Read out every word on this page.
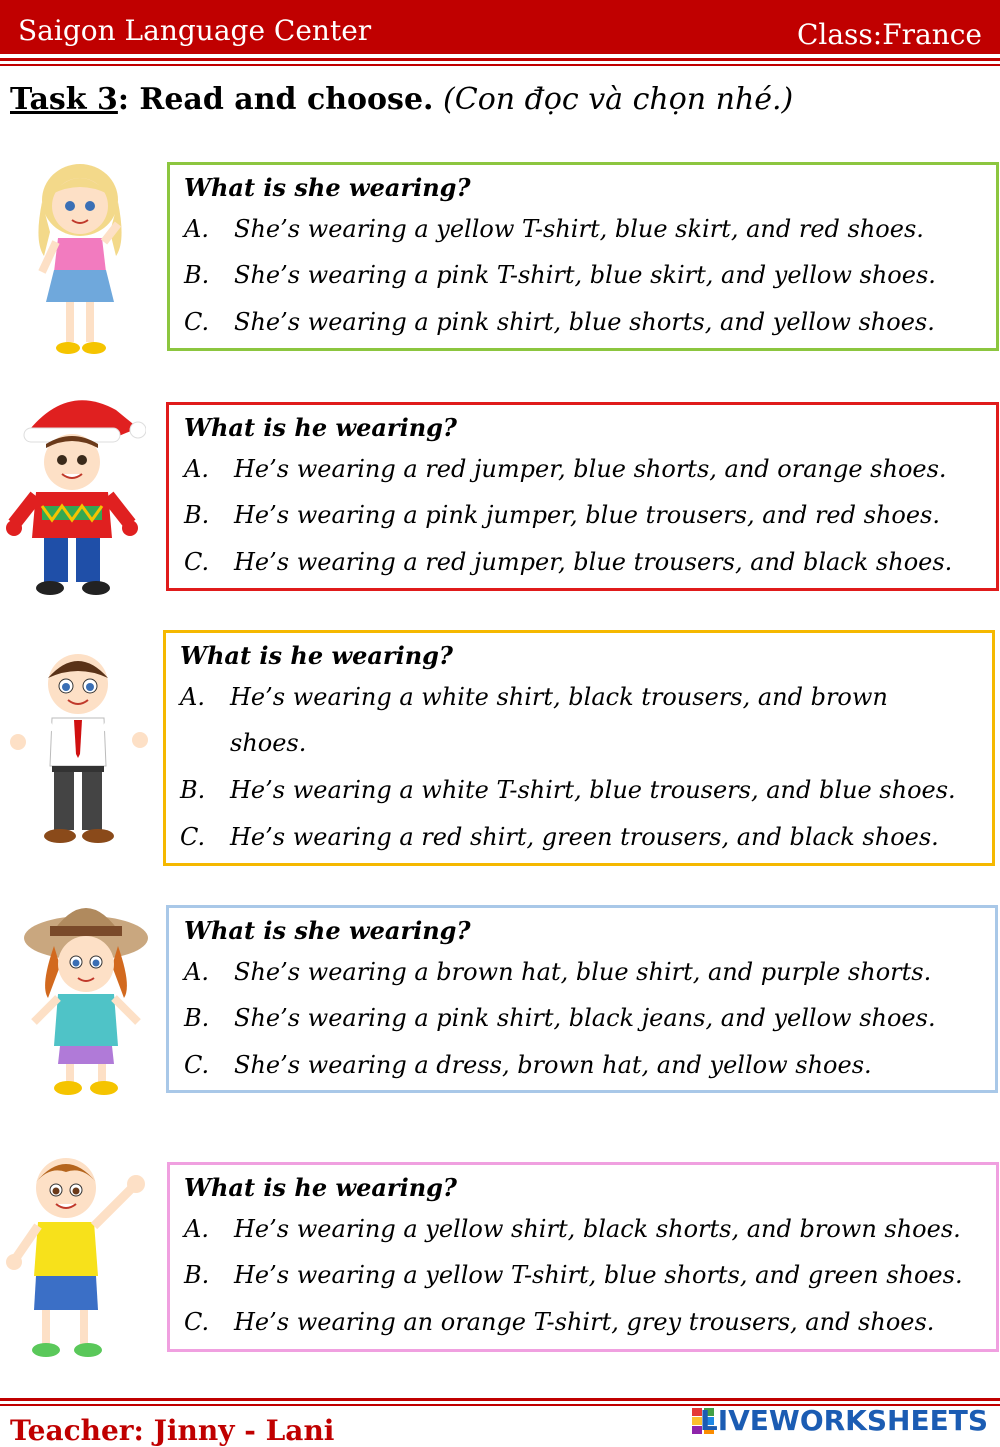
Saigon Language Center	Class:France
Task 3: Read and choose. (Con đọc và chọn nhé.)
What is she wearing?
A. She’s wearing a yellow T-shirt, blue skirt, and red shoes.
B. She’s wearing a pink T-shirt, blue skirt, and yellow shoes.
C. She’s wearing a pink shirt, blue shorts, and yellow shoes.
What is he wearing?
A. He’s wearing a red jumper, blue shorts, and orange shoes.
B. He’s wearing a pink jumper, blue trousers, and red shoes.
C. He’s wearing a red jumper, blue trousers, and black shoes.
What is he wearing?
A. He’s wearing a white shirt, black trousers, and brown
shoes.
B. He’s wearing a white T-shirt, blue trousers, and blue shoes.
C. He’s wearing a red shirt, green trousers, and black shoes.
What is she wearing?
A. She’s wearing a brown hat, blue shirt, and purple shorts.
B. She’s wearing a pink shirt, black jeans, and yellow shoes.
C. She’s wearing a dress, brown hat, and yellow shoes.
What is he wearing?
A. He’s wearing a yellow shirt, black shorts, and brown shoes.
B. He’s wearing a yellow T-shirt, blue shorts, and green shoes.
C. He’s wearing an orange T-shirt, grey trousers, and shoes.
Teacher: Jinny - Lani	LIVEWORKSHEETS
